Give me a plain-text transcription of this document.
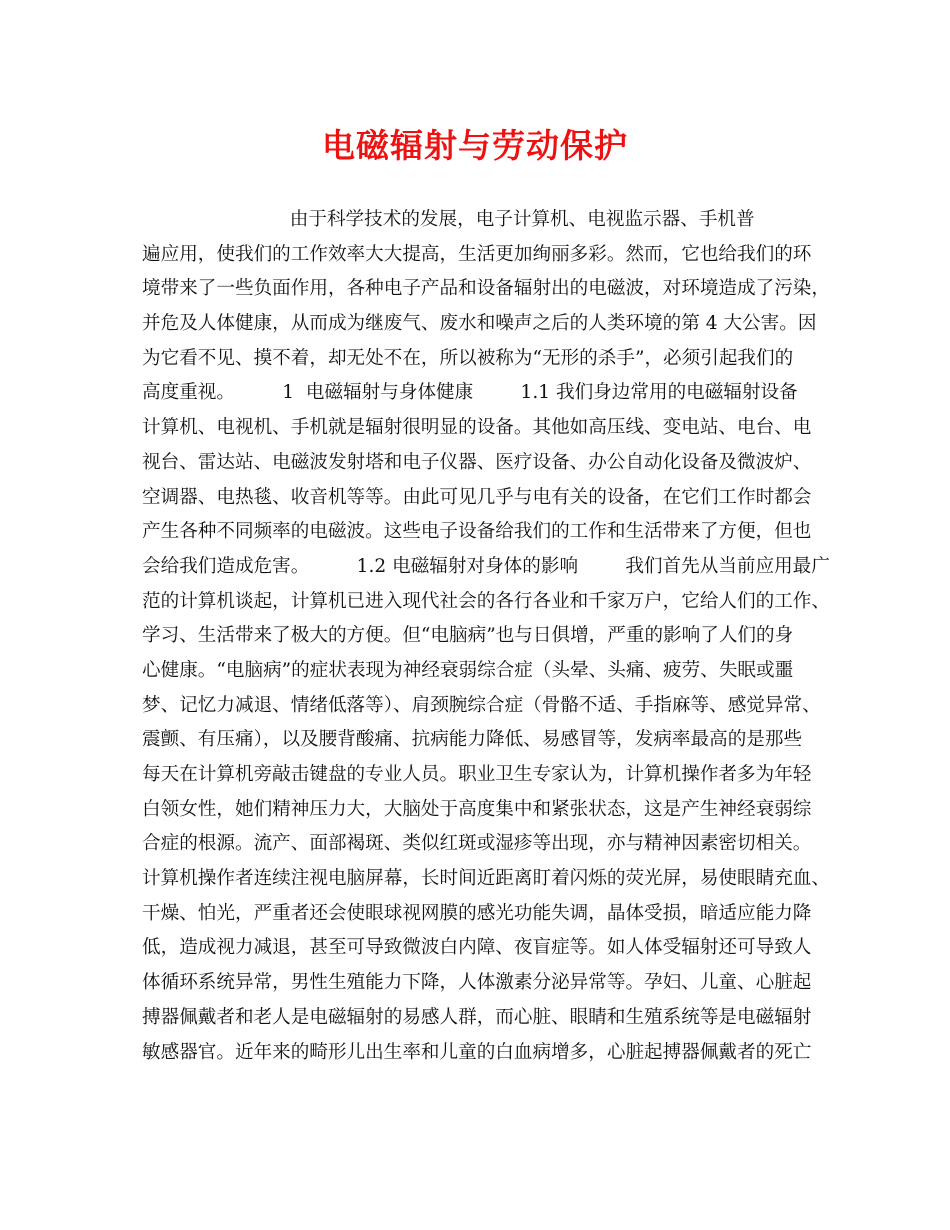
电磁辐射与劳动保护
由于科学技术的发展，电子计算机、电视监示器、手机普
遍应用，使我们的工作效率大大提高，生活更加绚丽多彩。然而，它也给我们的环
境带来了一些负面作用，各种电子产品和设备辐射出的电磁波，对环境造成了污染，
并危及人体健康，从而成为继废气、废水和噪声之后的人类环境的第 4 大公害。因
为它看不见、摸不着，却无处不在，所以被称为“无形的杀手”，必须引起我们的
高度重视。        1  电磁辐射与身体健康        1.1 我们身边常用的电磁辐射设备
计算机、电视机、手机就是辐射很明显的设备。其他如高压线、变电站、电台、电
视台、雷达站、电磁波发射塔和电子仪器、医疗设备、办公自动化设备及微波炉、
空调器、电热毯、收音机等等。由此可见几乎与电有关的设备，在它们工作时都会
产生各种不同频率的电磁波。这些电子设备给我们的工作和生活带来了方便，但也
会给我们造成危害。        1.2 电磁辐射对身体的影响        我们首先从当前应用最广
范的计算机谈起，计算机已进入现代社会的各行各业和千家万户，它给人们的工作、
学习、生活带来了极大的方便。但“电脑病”也与日俱增，严重的影响了人们的身
心健康。“电脑病”的症状表现为神经衰弱综合症（头晕、头痛、疲劳、失眠或噩
梦、记忆力减退、情绪低落等）、肩颈腕综合症（骨骼不适、手指麻等、感觉异常、
震颤、有压痛），以及腰背酸痛、抗病能力降低、易感冒等，发病率最高的是那些
每天在计算机旁敲击键盘的专业人员。职业卫生专家认为，计算机操作者多为年轻
白领女性，她们精神压力大，大脑处于高度集中和紧张状态，这是产生神经衰弱综
合症的根源。流产、面部褐斑、类似红斑或湿疹等出现，亦与精神因素密切相关。
计算机操作者连续注视电脑屏幕，长时间近距离盯着闪烁的荧光屏，易使眼睛充血、
干燥、怕光，严重者还会使眼球视网膜的感光功能失调，晶体受损，暗适应能力降
低，造成视力减退，甚至可导致微波白内障、夜盲症等。如人体受辐射还可导致人
体循环系统异常，男性生殖能力下降，人体激素分泌异常等。孕妇、儿童、心脏起
搏器佩戴者和老人是电磁辐射的易感人群，而心脏、眼睛和生殖系统等是电磁辐射
敏感器官。近年来的畸形儿出生率和儿童的白血病增多，心脏起搏器佩戴者的死亡
